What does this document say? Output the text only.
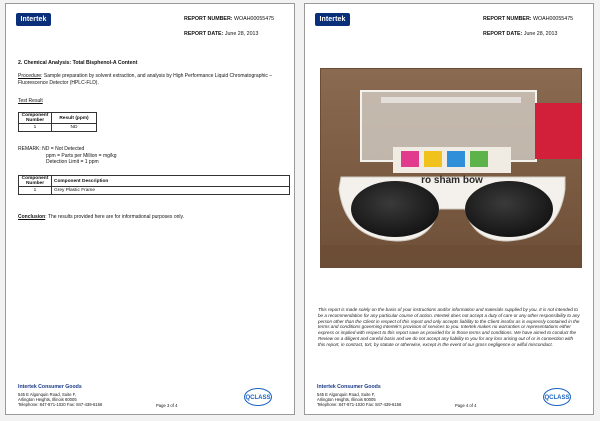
Intertek	REPORT NUMBER: WOAH00055475
REPORT DATE: June 28, 2013
2. Chemical Analysis: Total Bisphenol-A Content
Procedure: Sample preparation by solvent extraction, and analysis by High Performance Liquid Chromatographic – Fluorescence Detector (HPLC-FLD).
Test Result
Component Number	Result (ppm)
1	ND
REMARK: ND = Not Detected
ppm = Parts per Million = mg/kg
Detection Limit = 1 ppm
Component Number	Component Description
1	Grey Plastic Frame
Conclusion: The results provided here are for informational purposes only.
Intertek Consumer Goods
545 E Algonquin Road, Suite F,
Arlington Heights, Illinois 60005
Telephone: 847-871-1020 Fax: 847-439-6156	Page 3 of 4
QCLASS
Intertek	REPORT NUMBER: WOAH00055475
REPORT DATE: June 28, 2013
ro sham bow
This report is made solely on the basis of your instructions and/or information and materials supplied by you. It is not intended to be a recommendation for any particular course of action. Intertek does not accept a duty of care or any other responsibility to any person other than the Client in respect of this report and only accepts liability to the Client insofar as is expressly contained in the terms and conditions governing Intertek's provision of services to you. Intertek makes no warranties or representations either express or implied with respect to this report save as provided for in those terms and conditions. We have aimed to conduct the Review on a diligent and careful basis and we do not accept any liability to you for any loss arising out of or in connection with this report, in contract, tort, by statute or otherwise, except in the event of our gross negligence or wilful misconduct.
Intertek Consumer Goods
545 E Algonquin Road, Suite F,
Arlington Heights, Illinois 60005
Telephone: 847-871-1020 Fax: 847-439-6156	Page 4 of 4
QCLASS
